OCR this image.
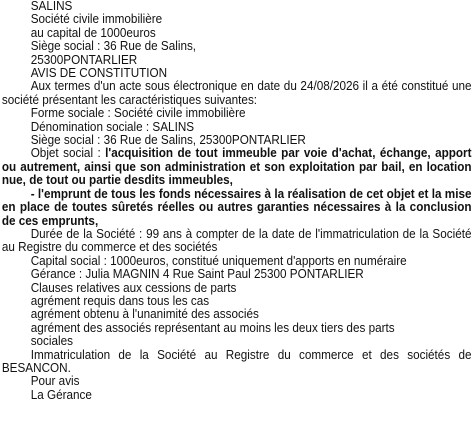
SALINS

Société civile immobilière

au capital de 1000euros

Siège social : 36 Rue de Salins,

25300PONTARLIER

AVIS DE CONSTITUTION

Aux termes d'un acte sous électronique en date du 24/08/2026 il a été constitué une société présentant les caractéristiques suivantes:

Forme sociale : Société civile immobilière

Dénomination sociale : SALINS

Siège social : 36 Rue de Salins, 25300PONTARLIER

Objet social : l'acquisition de tout immeuble par voie d'achat, échange, apport ou autrement, ainsi que son administration et son exploitation par bail, en location nue, de tout ou partie desdits immeubles,

- l'emprunt de tous les fonds nécessaires à la réalisation de cet objet et la mise en place de toutes sûretés réelles ou autres garanties nécessaires à la conclusion de ces emprunts,

Durée de la Société : 99 ans à compter de la date de l'immatriculation de la Société au Registre du commerce et des sociétés

Capital social : 1000euros, constitué uniquement d'apports en numéraire

Gérance : Julia MAGNIN 4 Rue Saint Paul 25300 PONTARLIER

Clauses relatives aux cessions de parts

agrément requis dans tous les cas

agrément obtenu à l'unanimité des associés

agrément des associés représentant au moins les deux tiers des parts sociales

Immatriculation de la Société au Registre du commerce et des sociétés de BESANCON.

Pour avis

La Gérance
